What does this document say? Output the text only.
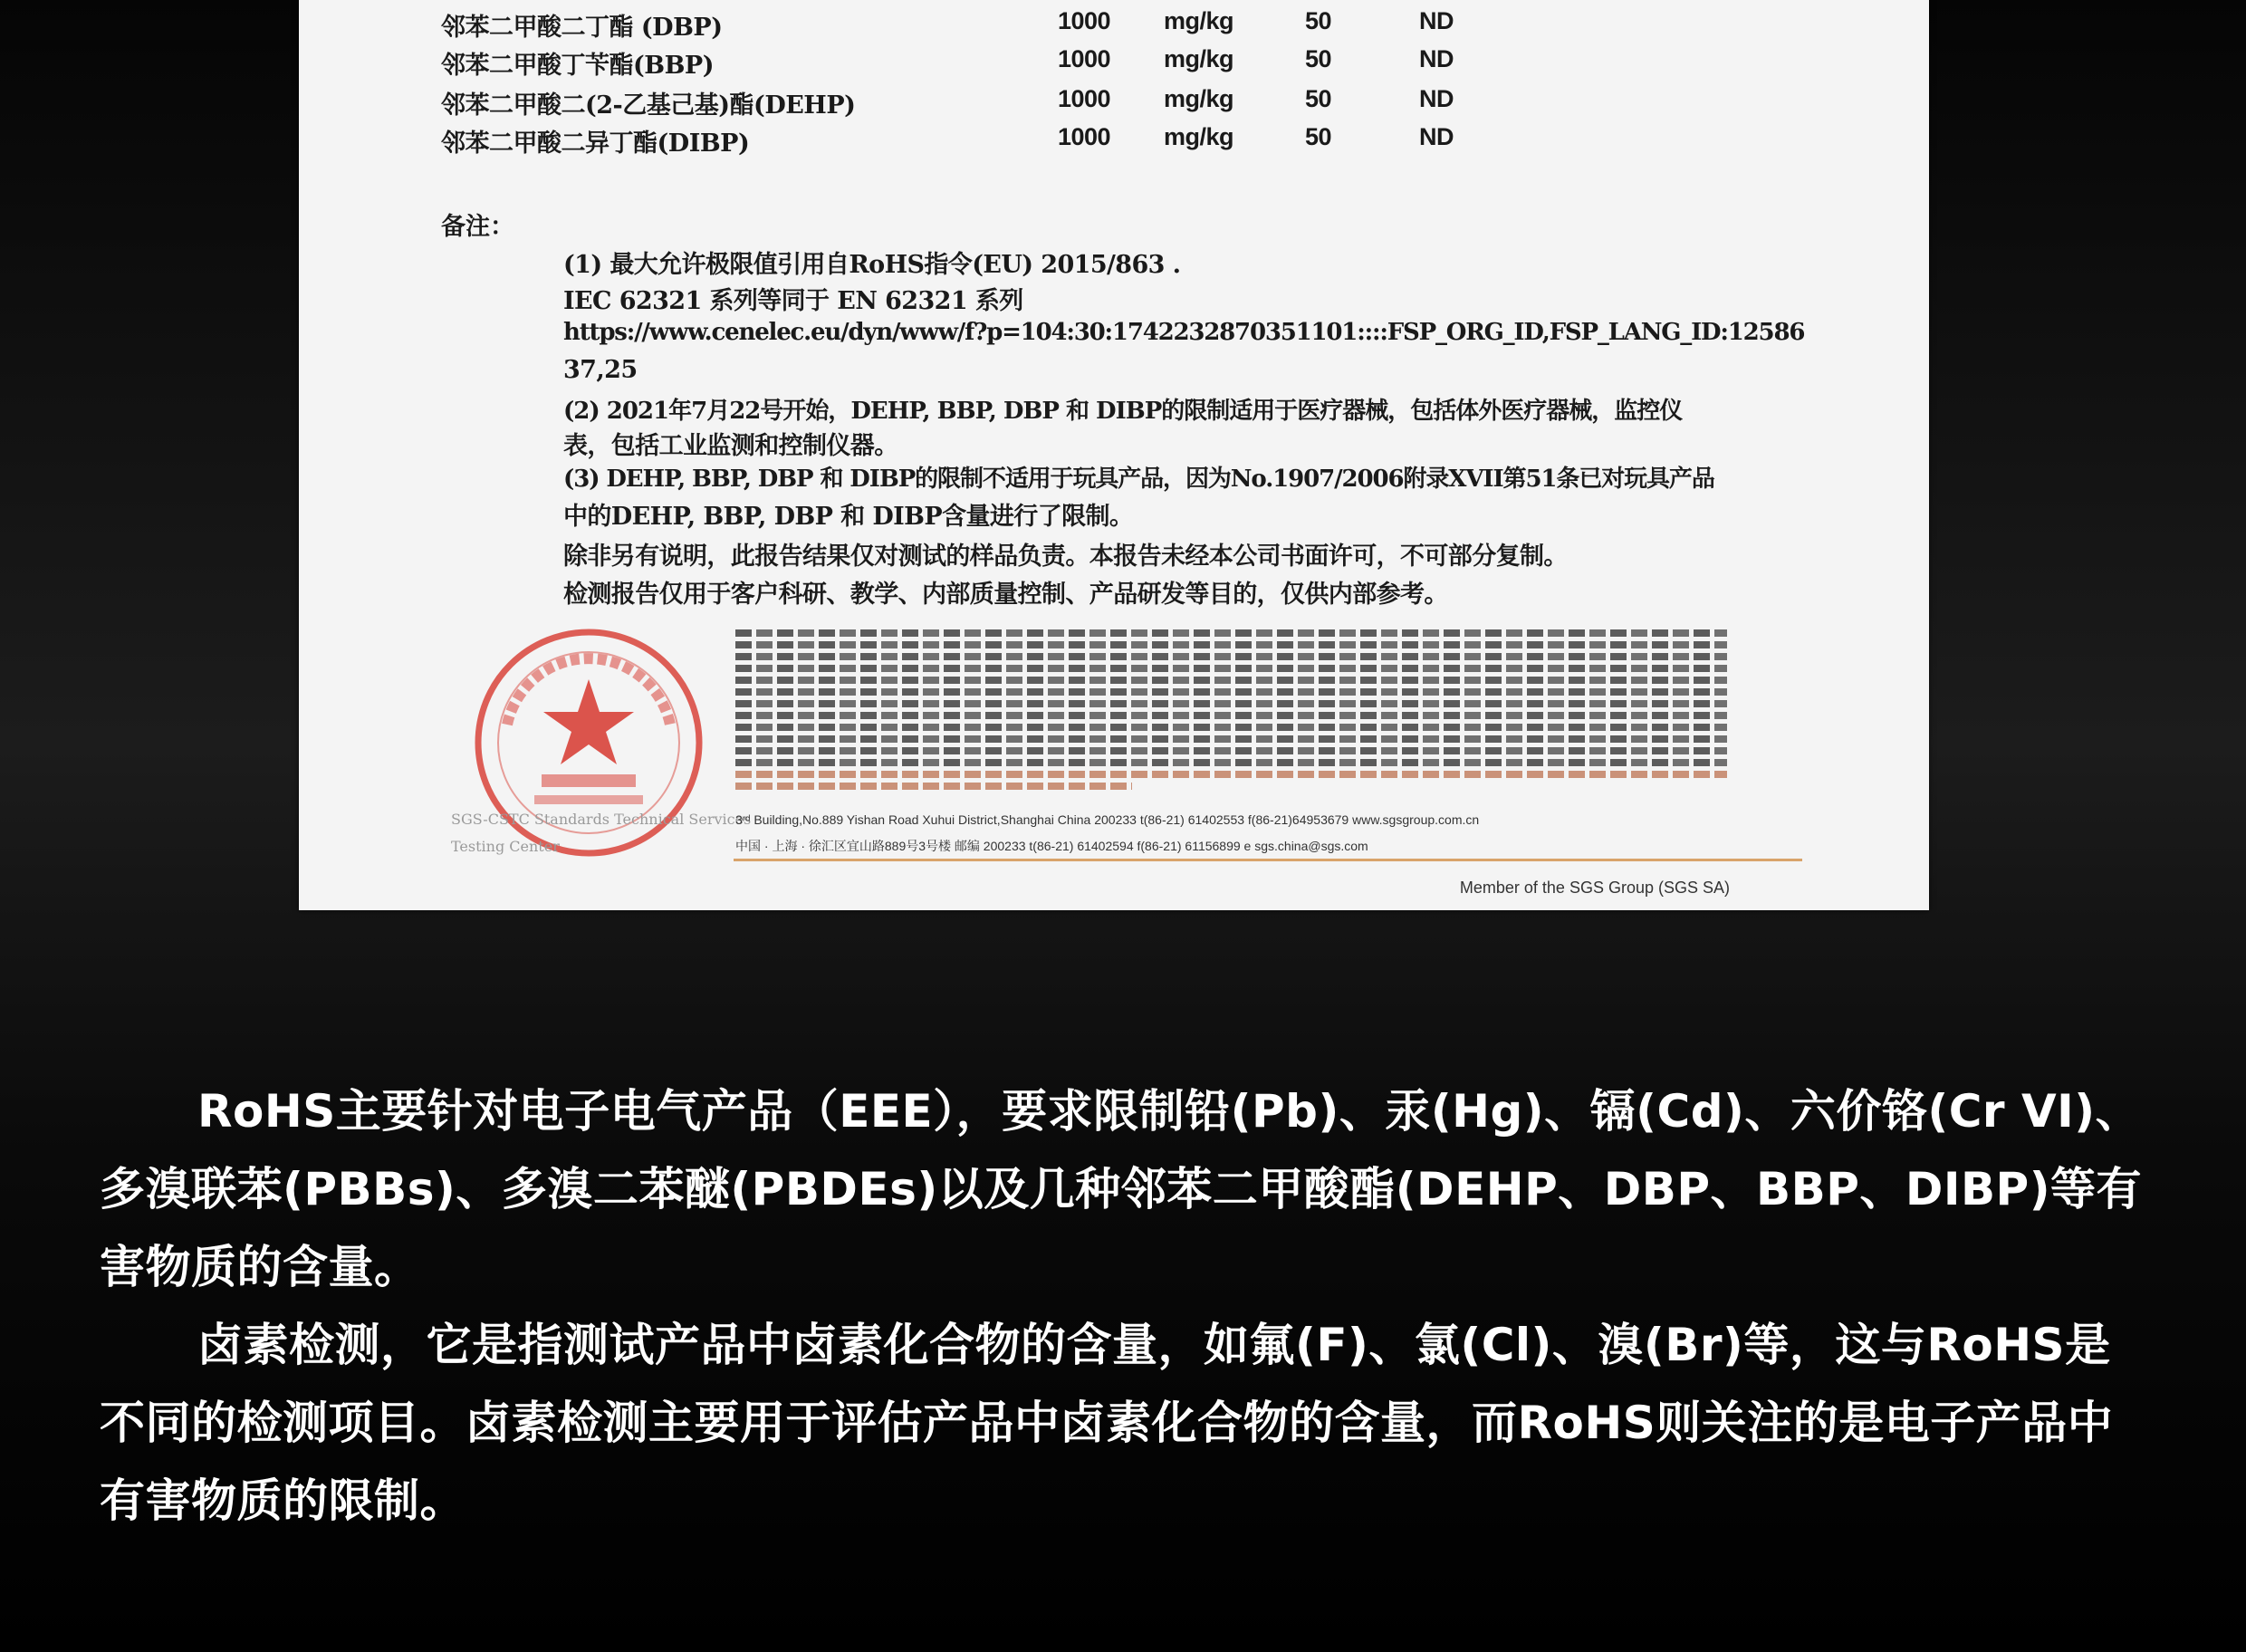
邻苯二甲酸二丁酯 (DBP)	1000 mg/kg	50	ND
邻苯二甲酸丁苄酯(BBP)	1000 mg/kg	50	ND
邻苯二甲酸二(2-乙基己基)酯(DEHP)	1000 mg/kg	50	ND
邻苯二甲酸二异丁酯(DIBP)	1000 mg/kg	50	ND
备注：
(1) 最大允许极限值引用自RoHS指令(EU) 2015/863 .
IEC 62321 系列等同于 EN 62321 系列
https://www.cenelec.eu/dyn/www/f?p=104:30:1742232870351101::::FSP_ORG_ID,FSP_LANG_ID:12586
37,25
(2) 2021年7月22号开始，DEHP, BBP, DBP 和 DIBP的限制适用于医疗器械，包括体外医疗器械，监控仪
表，包括工业监测和控制仪器。
(3) DEHP, BBP, DBP 和 DIBP的限制不适用于玩具产品，因为No.1907/2006附录XVII第51条已对玩具产品
中的DEHP, BBP, DBP 和 DIBP含量进行了限制。
除非另有说明，此报告结果仅对测试的样品负责。本报告未经本公司书面许可，不可部分复制。
检测报告仅用于客户科研、教学、内部质量控制、产品研发等目的，仅供内部参考。
SGS-CSTC Standards Technical Services
Testing Center
3ʳᵈ Building,No.889 Yishan Road Xuhui District,Shanghai China 200233 t(86-21) 61402553 f(86-21)64953679 www.sgsgroup.com.cn
中国 · 上海 · 徐汇区宜山路889号3号楼 邮编 200233 t(86-21) 61402594 f(86-21) 61156899 e sgs.china@sgs.com
Member of the SGS Group (SGS SA)
RoHS主要针对电子电气产品（EEE），要求限制铅(Pb)、汞(Hg)、镉(Cd)、六价铬(Cr VI)、多溴联苯(PBBs)、多溴二苯醚(PBDEs)以及几种邻苯二甲酸酯(DEHP、DBP、BBP、DIBP)等有害物质的含量。
卤素检测，它是指测试产品中卤素化合物的含量，如氟(F)、氯(Cl)、溴(Br)等，这与RoHS是不同的检测项目。卤素检测主要用于评估产品中卤素化合物的含量，而RoHS则关注的是电子产品中有害物质的限制。
